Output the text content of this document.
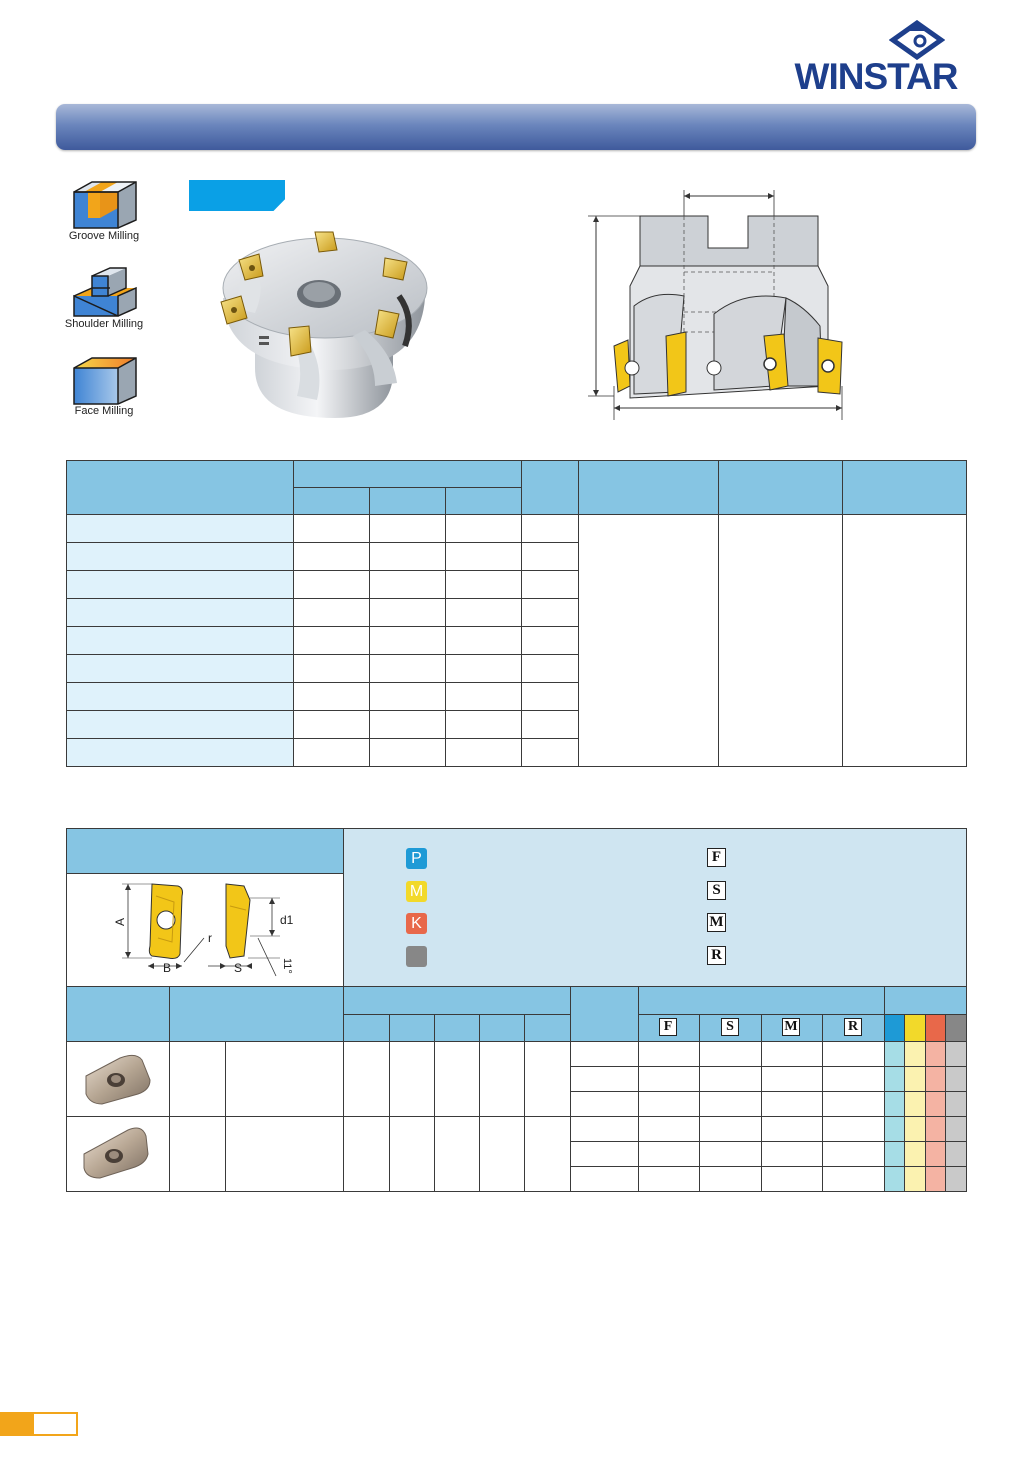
WINSTAR
Groove Milling
Shoulder Milling
Face Milling

A
B
r
S
d1
11°
P
M
K
F
S
M
R
F	S	M	R
